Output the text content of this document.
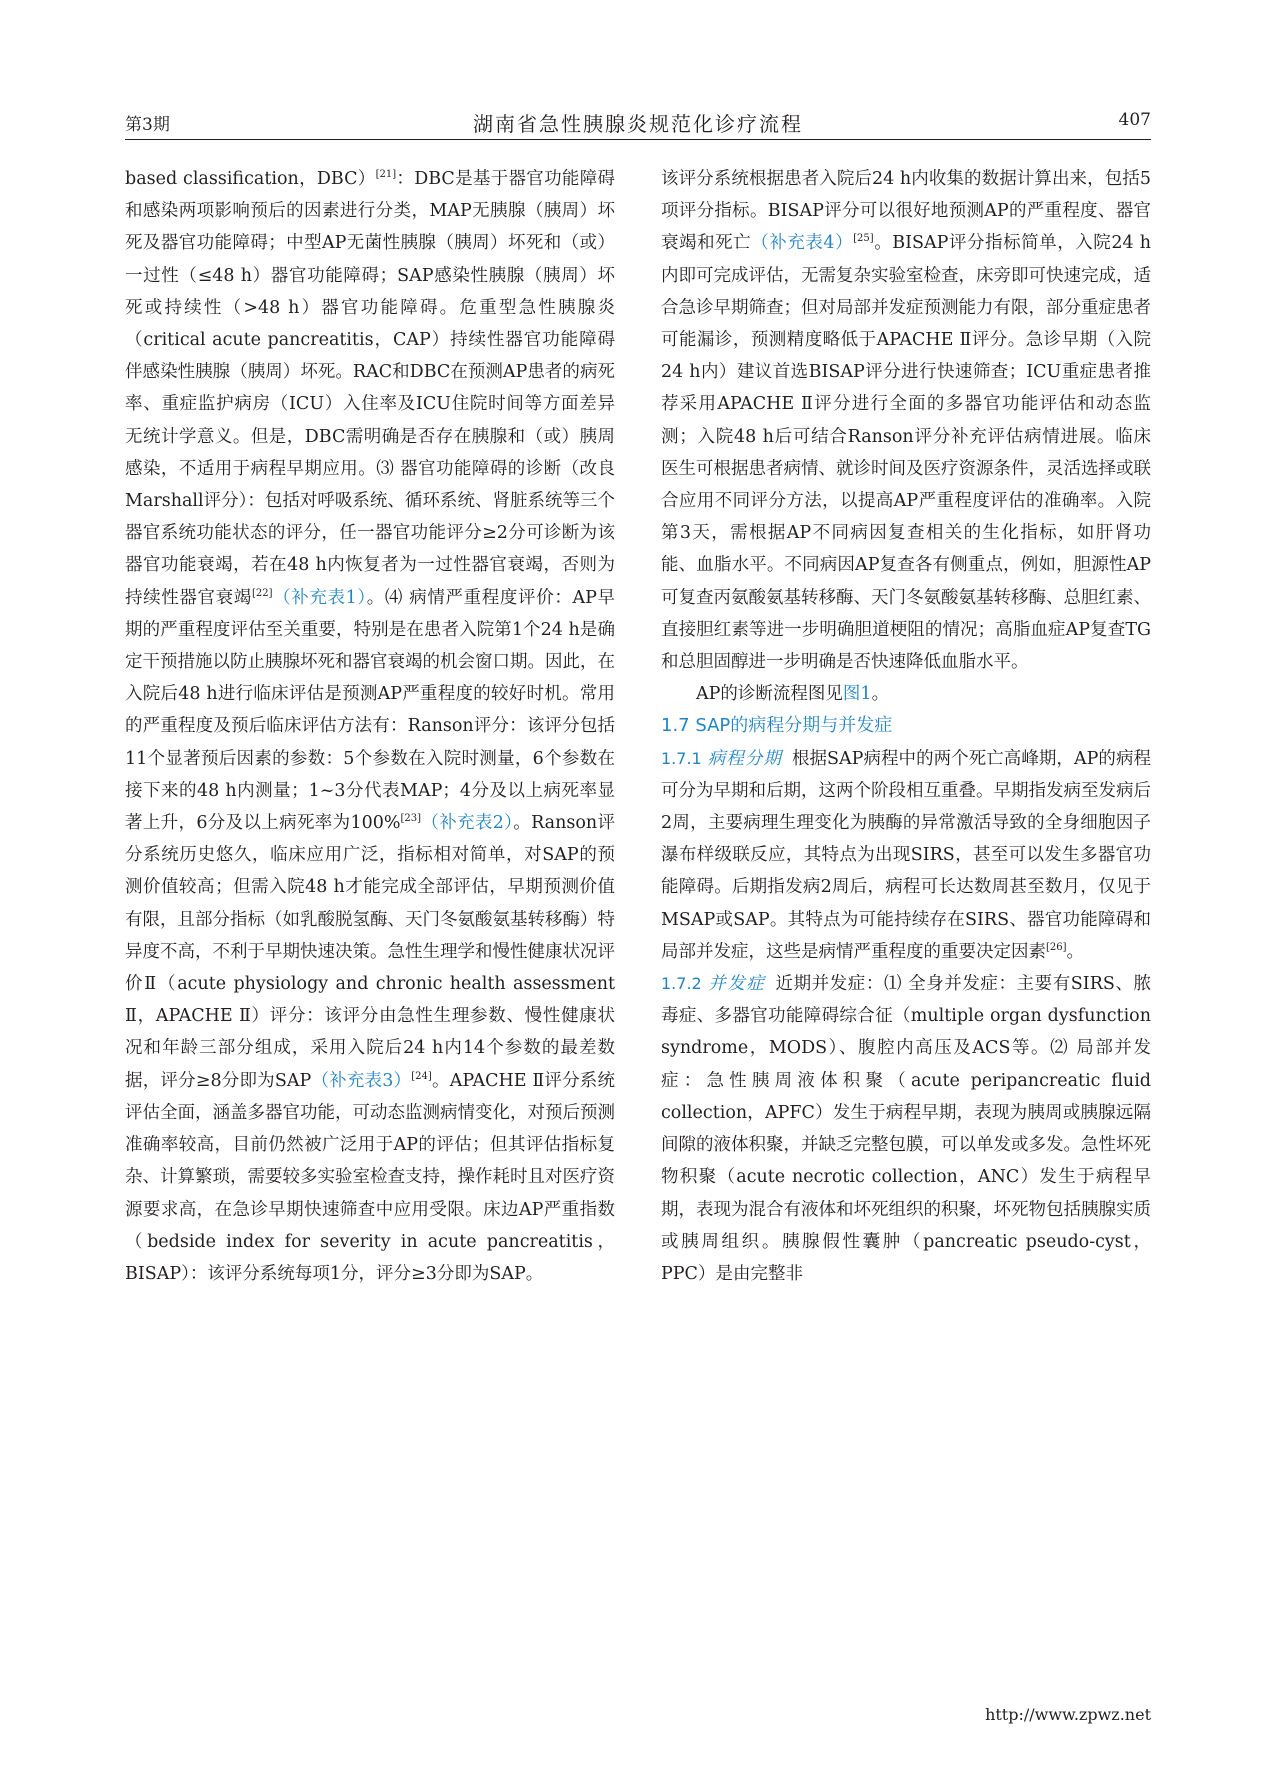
第3期	湖南省急性胰腺炎规范化诊疗流程	407

based classification，DBC）[21]：DBC是基于器官功能障碍和感染两项影响预后的因素进行分类，MAP无胰腺（胰周）坏死及器官功能障碍；中型AP无菌性胰腺（胰周）坏死和（或）一过性（≤48 h）器官功能障碍；SAP感染性胰腺（胰周）坏死或持续性（>48 h）器官功能障碍。危重型急性胰腺炎（critical acute pancreatitis，CAP）持续性器官功能障碍伴感染性胰腺（胰周）坏死。RAC和DBC在预测AP患者的病死率、重症监护病房（ICU）入住率及ICU住院时间等方面差异无统计学意义。但是，DBC需明确是否存在胰腺和（或）胰周感染，不适用于病程早期应用。⑶ 器官功能障碍的诊断（改良Marshall评分）：包括对呼吸系统、循环系统、肾脏系统等三个器官系统功能状态的评分，任一器官功能评分≥2分可诊断为该器官功能衰竭，若在48 h内恢复者为一过性器官衰竭，否则为持续性器官衰竭[22]（补充表1）。⑷ 病情严重程度评价：AP早期的严重程度评估至关重要，特别是在患者入院第1个24 h是确定干预措施以防止胰腺坏死和器官衰竭的机会窗口期。因此，在入院后48 h进行临床评估是预测AP严重程度的较好时机。常用的严重程度及预后临床评估方法有：Ranson评分：该评分包括11个显著预后因素的参数：5个参数在入院时测量，6个参数在接下来的48 h内测量；1~3分代表MAP；4分及以上病死率显著上升，6分及以上病死率为100%[23]（补充表2）。Ranson评分系统历史悠久，临床应用广泛，指标相对简单，对SAP的预测价值较高；但需入院48 h才能完成全部评估，早期预测价值有限，且部分指标（如乳酸脱氢酶、天门冬氨酸氨基转移酶）特异度不高，不利于早期快速决策。急性生理学和慢性健康状况评价Ⅱ（acute physiology and chronic health assessment Ⅱ，APACHE Ⅱ）评分：该评分由急性生理参数、慢性健康状况和年龄三部分组成，采用入院后24 h内14个参数的最差数据，评分≥8分即为SAP（补充表3）[24]。APACHE Ⅱ评分系统评估全面，涵盖多器官功能，可动态监测病情变化，对预后预测准确率较高，目前仍然被广泛用于AP的评估；但其评估指标复杂、计算繁琐，需要较多实验室检查支持，操作耗时且对医疗资源要求高，在急诊早期快速筛查中应用受限。床边AP严重指数（bedside index for severity in acute pancreatitis，BISAP）：该评分系统每项1分，评分≥3分即为SAP。

该评分系统根据患者入院后24 h内收集的数据计算出来，包括5项评分指标。BISAP评分可以很好地预测AP的严重程度、器官衰竭和死亡（补充表4）[25]。BISAP评分指标简单，入院24 h内即可完成评估，无需复杂实验室检查，床旁即可快速完成，适合急诊早期筛查；但对局部并发症预测能力有限，部分重症患者可能漏诊，预测精度略低于APACHE Ⅱ评分。急诊早期（入院24 h内）建议首选BISAP评分进行快速筛查；ICU重症患者推荐采用APACHE Ⅱ评分进行全面的多器官功能评估和动态监测；入院48 h后可结合Ranson评分补充评估病情进展。临床医生可根据患者病情、就诊时间及医疗资源条件，灵活选择或联合应用不同评分方法，以提高AP严重程度评估的准确率。入院第3天，需根据AP不同病因复查相关的生化指标，如肝肾功能、血脂水平。不同病因AP复查各有侧重点，例如，胆源性AP可复查丙氨酸氨基转移酶、天门冬氨酸氨基转移酶、总胆红素、直接胆红素等进一步明确胆道梗阻的情况；高脂血症AP复查TG和总胆固醇进一步明确是否快速降低血脂水平。

AP的诊断流程图见图1。

1.7 SAP的病程分期与并发症

1.7.1 病程分期 根据SAP病程中的两个死亡高峰期，AP的病程可分为早期和后期，这两个阶段相互重叠。早期指发病至发病后2周，主要病理生理变化为胰酶的异常激活导致的全身细胞因子瀑布样级联反应，其特点为出现SIRS，甚至可以发生多器官功能障碍。后期指发病2周后，病程可长达数周甚至数月，仅见于MSAP或SAP。其特点为可能持续存在SIRS、器官功能障碍和局部并发症，这些是病情严重程度的重要决定因素[26]。

1.7.2 并发症 近期并发症：⑴ 全身并发症：主要有SIRS、脓毒症、多器官功能障碍综合征（multiple organ dysfunction syndrome，MODS）、腹腔内高压及ACS等。⑵ 局部并发症：急性胰周液体积聚（acute peripancreatic fluid collection，APFC）发生于病程早期，表现为胰周或胰腺远隔间隙的液体积聚，并缺乏完整包膜，可以单发或多发。急性坏死物积聚（acute necrotic collection，ANC）发生于病程早期，表现为混合有液体和坏死组织的积聚，坏死物包括胰腺实质或胰周组织。胰腺假性囊肿（pancreatic pseudo-cyst，PPC）是由完整非

http://www.zpwz.net
